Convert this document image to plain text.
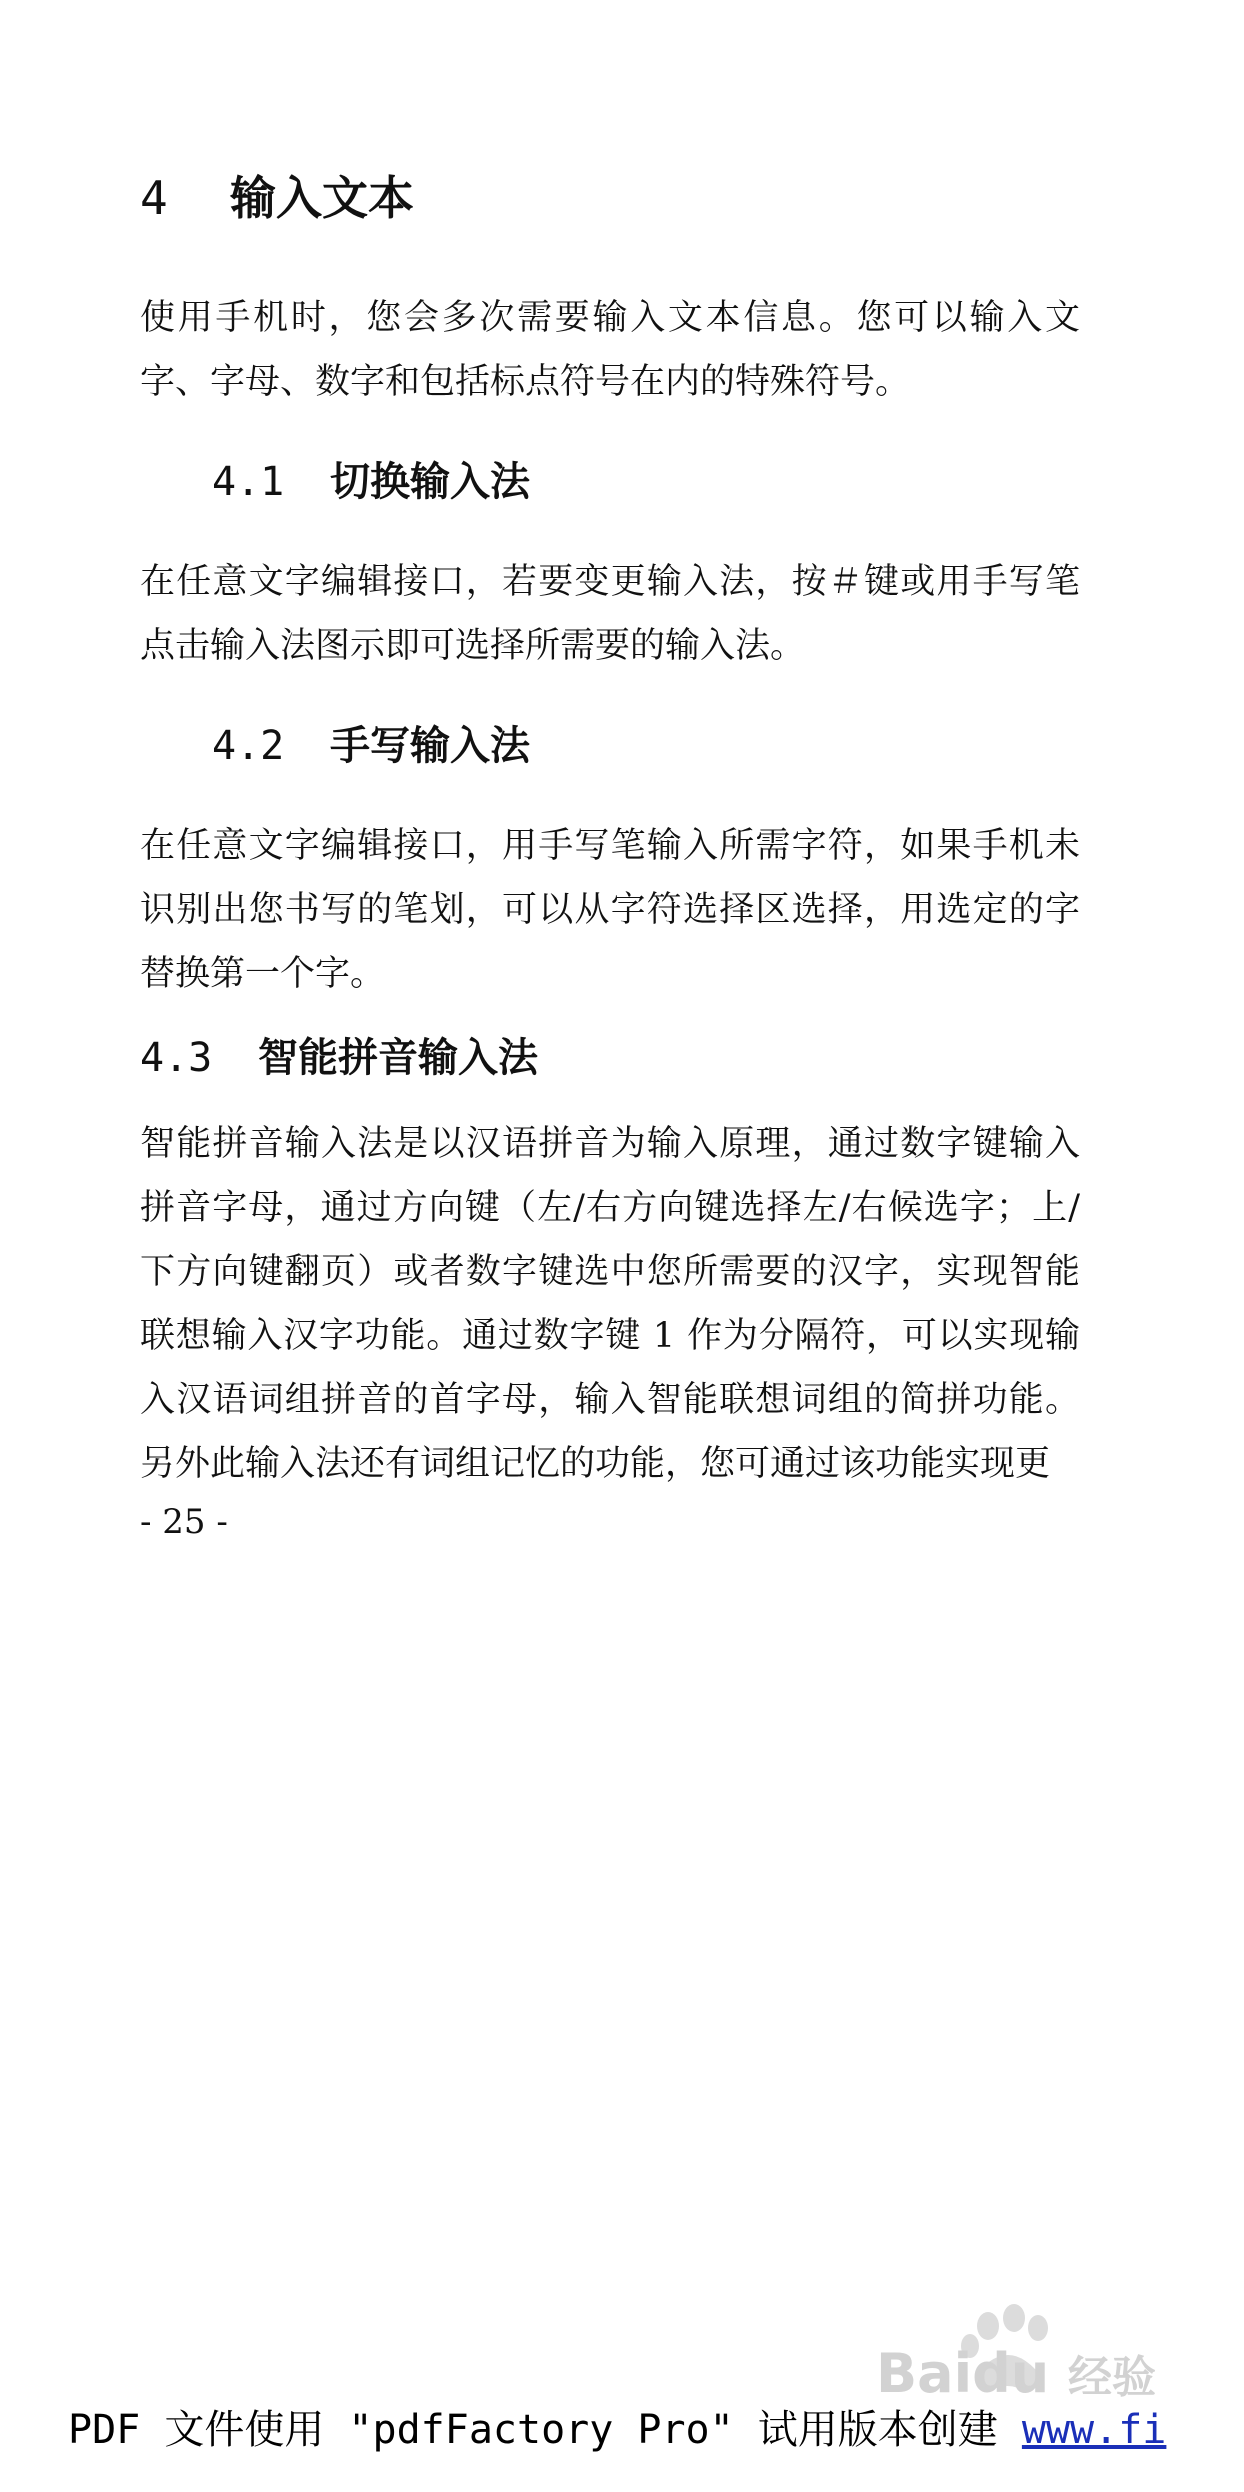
4 输入文本
使用手机时，您会多次需要输入文本信息。您可以输入文字、字母、数字和包括标点符号在内的特殊符号。
4.1 切换输入法
在任意文字编辑接口，若要变更输入法，按＃键或用手写笔点击输入法图示即可选择所需要的输入法。
4.2 手写输入法
在任意文字编辑接口，用手写笔输入所需字符，如果手机未识别出您书写的笔划，可以从字符选择区选择，用选定的字替换第一个字。
4.3 智能拼音输入法
智能拼音输入法是以汉语拼音为输入原理，通过数字键输入拼音字母，通过方向键（左/右方向键选择左/右候选字；上/下方向键翻页）或者数字键选中您所需要的汉字，实现智能联想输入汉字功能。通过数字键 1 作为分隔符，可以实现输入汉语词组拼音的首字母，输入智能联想词组的简拼功能。另外此输入法还有词组记忆的功能，您可通过该功能实现更
- 25 -
Baidu 经验
PDF 文件使用 "pdfFactory Pro" 试用版本创建 www.fi
